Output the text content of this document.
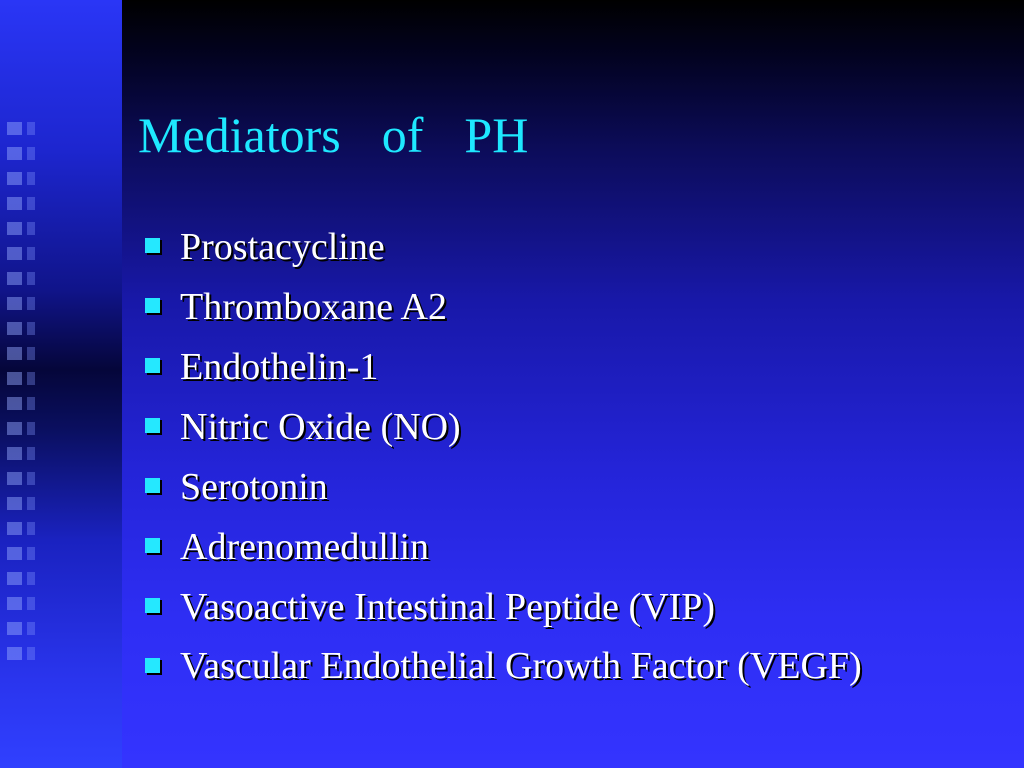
Mediators  of  PH
Prostacycline
Thromboxane A2
Endothelin-1
Nitric Oxide (NO)
Serotonin
Adrenomedullin
Vasoactive Intestinal Peptide (VIP)
Vascular Endothelial Growth Factor (VEGF)
